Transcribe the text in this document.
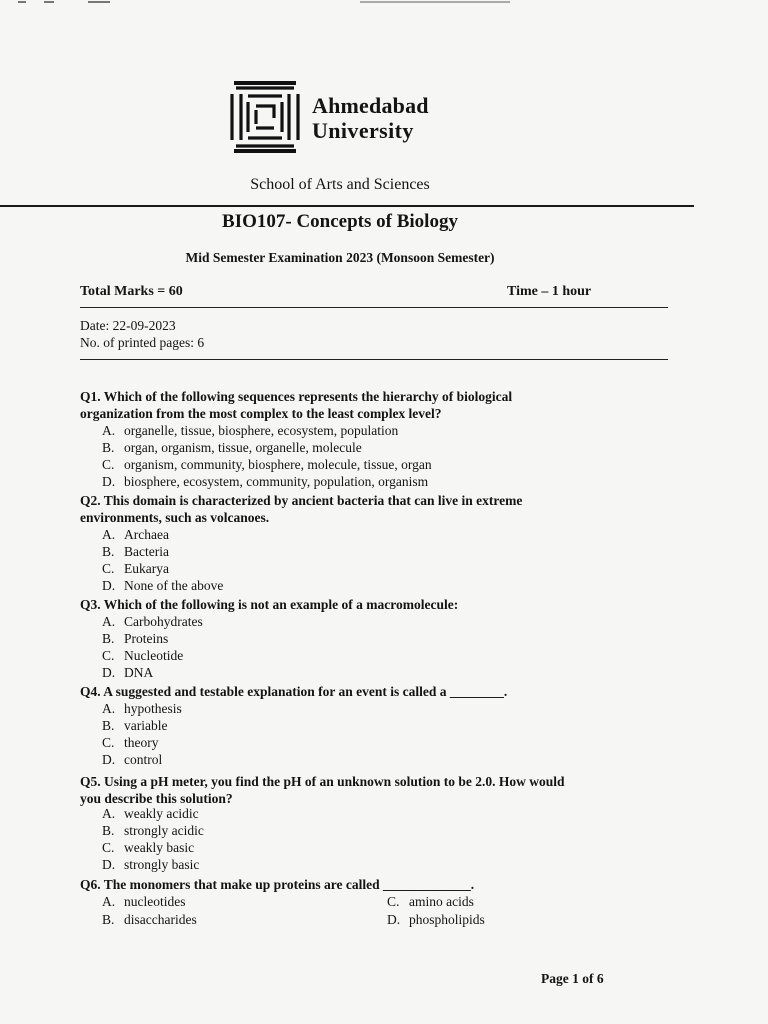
Ahmedabad
University
School of Arts and Sciences
BIO107- Concepts of Biology
Mid Semester Examination 2023 (Monsoon Semester)
Total Marks = 60	Time – 1 hour
Date: 22-09-2023
No. of printed pages: 6
Q1. Which of the following sequences represents the hierarchy of biological
organization from the most complex to the least complex level?
A. organelle, tissue, biosphere, ecosystem, population
B. organ, organism, tissue, organelle, molecule
C. organism, community, biosphere, molecule, tissue, organ
D. biosphere, ecosystem, community, population, organism
Q2. This domain is characterized by ancient bacteria that can live in extreme
environments, such as volcanoes.
A. Archaea
B. Bacteria
C. Eukarya
D. None of the above
Q3. Which of the following is not an example of a macromolecule:
A. Carbohydrates
B. Proteins
C. Nucleotide
D. DNA
Q4. A suggested and testable explanation for an event is called a ________.
A. hypothesis
B. variable
C. theory
D. control
Q5. Using a pH meter, you find the pH of an unknown solution to be 2.0. How would
you describe this solution?
A. weakly acidic
B. strongly acidic
C. weakly basic
D. strongly basic
Q6. The monomers that make up proteins are called _____________.
A. nucleotides	C. amino acids
B. disaccharides	D. phospholipids
Page 1 of 6
